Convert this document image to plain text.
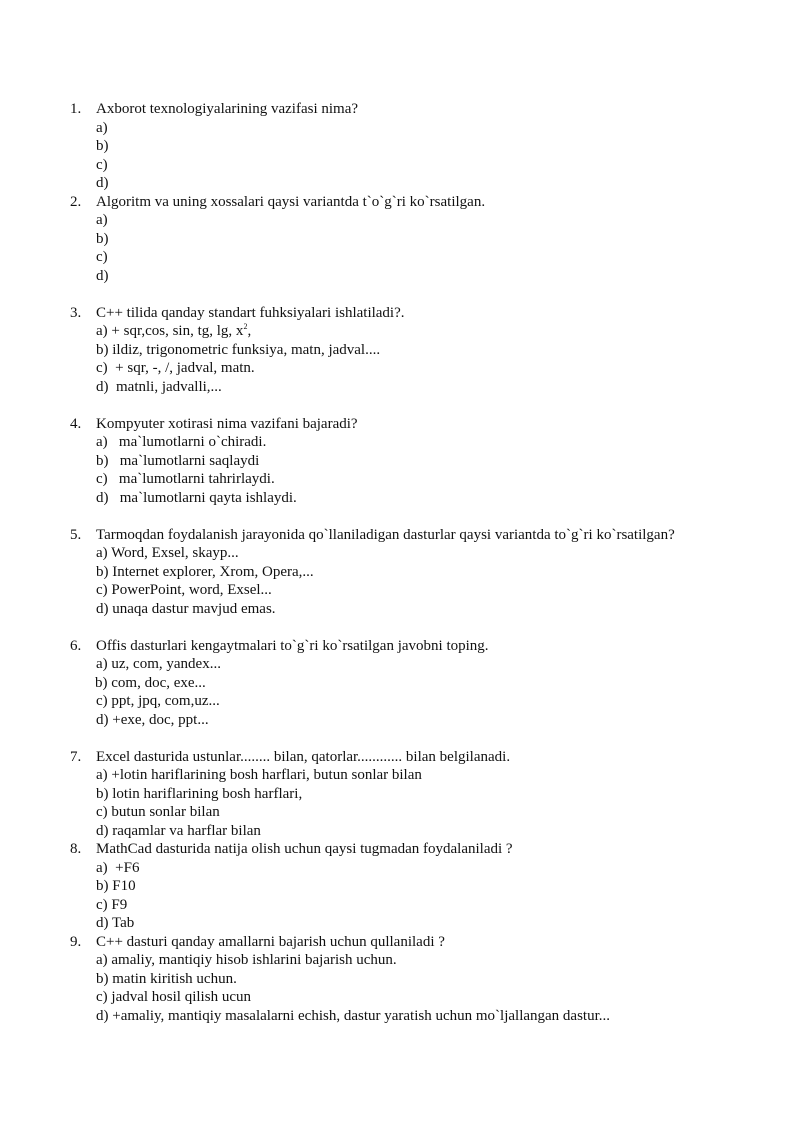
1. Axborot texnologiyalarining vazifasi nima?
a)
b)
c)
d)
2. Algoritm va uning xossalari qaysi variantda t`o`g`ri ko`rsatilgan.
a)
b)
c)
d)
3. C++ tilida qanday standart fuhksiyalari ishlatiladi?.
a) + sqr,cos, sin, tg, lg, $x^2$,
b) ildiz, trigonometric funksiya, matn, jadval....
c)  + sqr, -, /, jadval, matn.
d)  matnli, jadvalli,...
4. Kompyuter xotirasi nima vazifani bajaradi?
a)   ma`lumotlarni o`chiradi.
b)   ma`lumotlarni saqlaydi
c)   ma`lumotlarni tahrirlaydi.
d)   ma`lumotlarni qayta ishlaydi.
5. Tarmoqdan foydalanish jarayonida qo`llaniladigan dasturlar qaysi variantda to`g`ri ko`rsatilgan?
a) Word, Exsel, skayp...
b) Internet explorer, Xrom, Opera,...
c) PowerPoint, word, Exsel...
d) unaqa dastur mavjud emas.
6. Offis dasturlari kengaytmalari to`g`ri ko`rsatilgan javobni toping.
a) uz, com, yandex...
b) com, doc, exe...
c) ppt, jpq, com,uz...
d) +exe, doc, ppt...
7. Excel dasturida ustunlar........ bilan, qatorlar............ bilan belgilanadi.
a) +lotin hariflarining bosh harflari, butun sonlar bilan
b) lotin hariflarining bosh harflari,
c) butun sonlar bilan
d) raqamlar va harflar bilan
8. MathCad dasturida natija olish uchun qaysi tugmadan foydalaniladi ?
a)  +F6
b) F10
c) F9
d) Tab
9. C++ dasturi qanday amallarni bajarish uchun qullaniladi ?
a) amaliy, mantiqiy hisob ishlarini bajarish uchun.
b) matin kiritish uchun.
c) jadval hosil qilish ucun
d) +amaliy, mantiqiy masalalarni echish, dastur yaratish uchun mo`ljallangan dastur...
